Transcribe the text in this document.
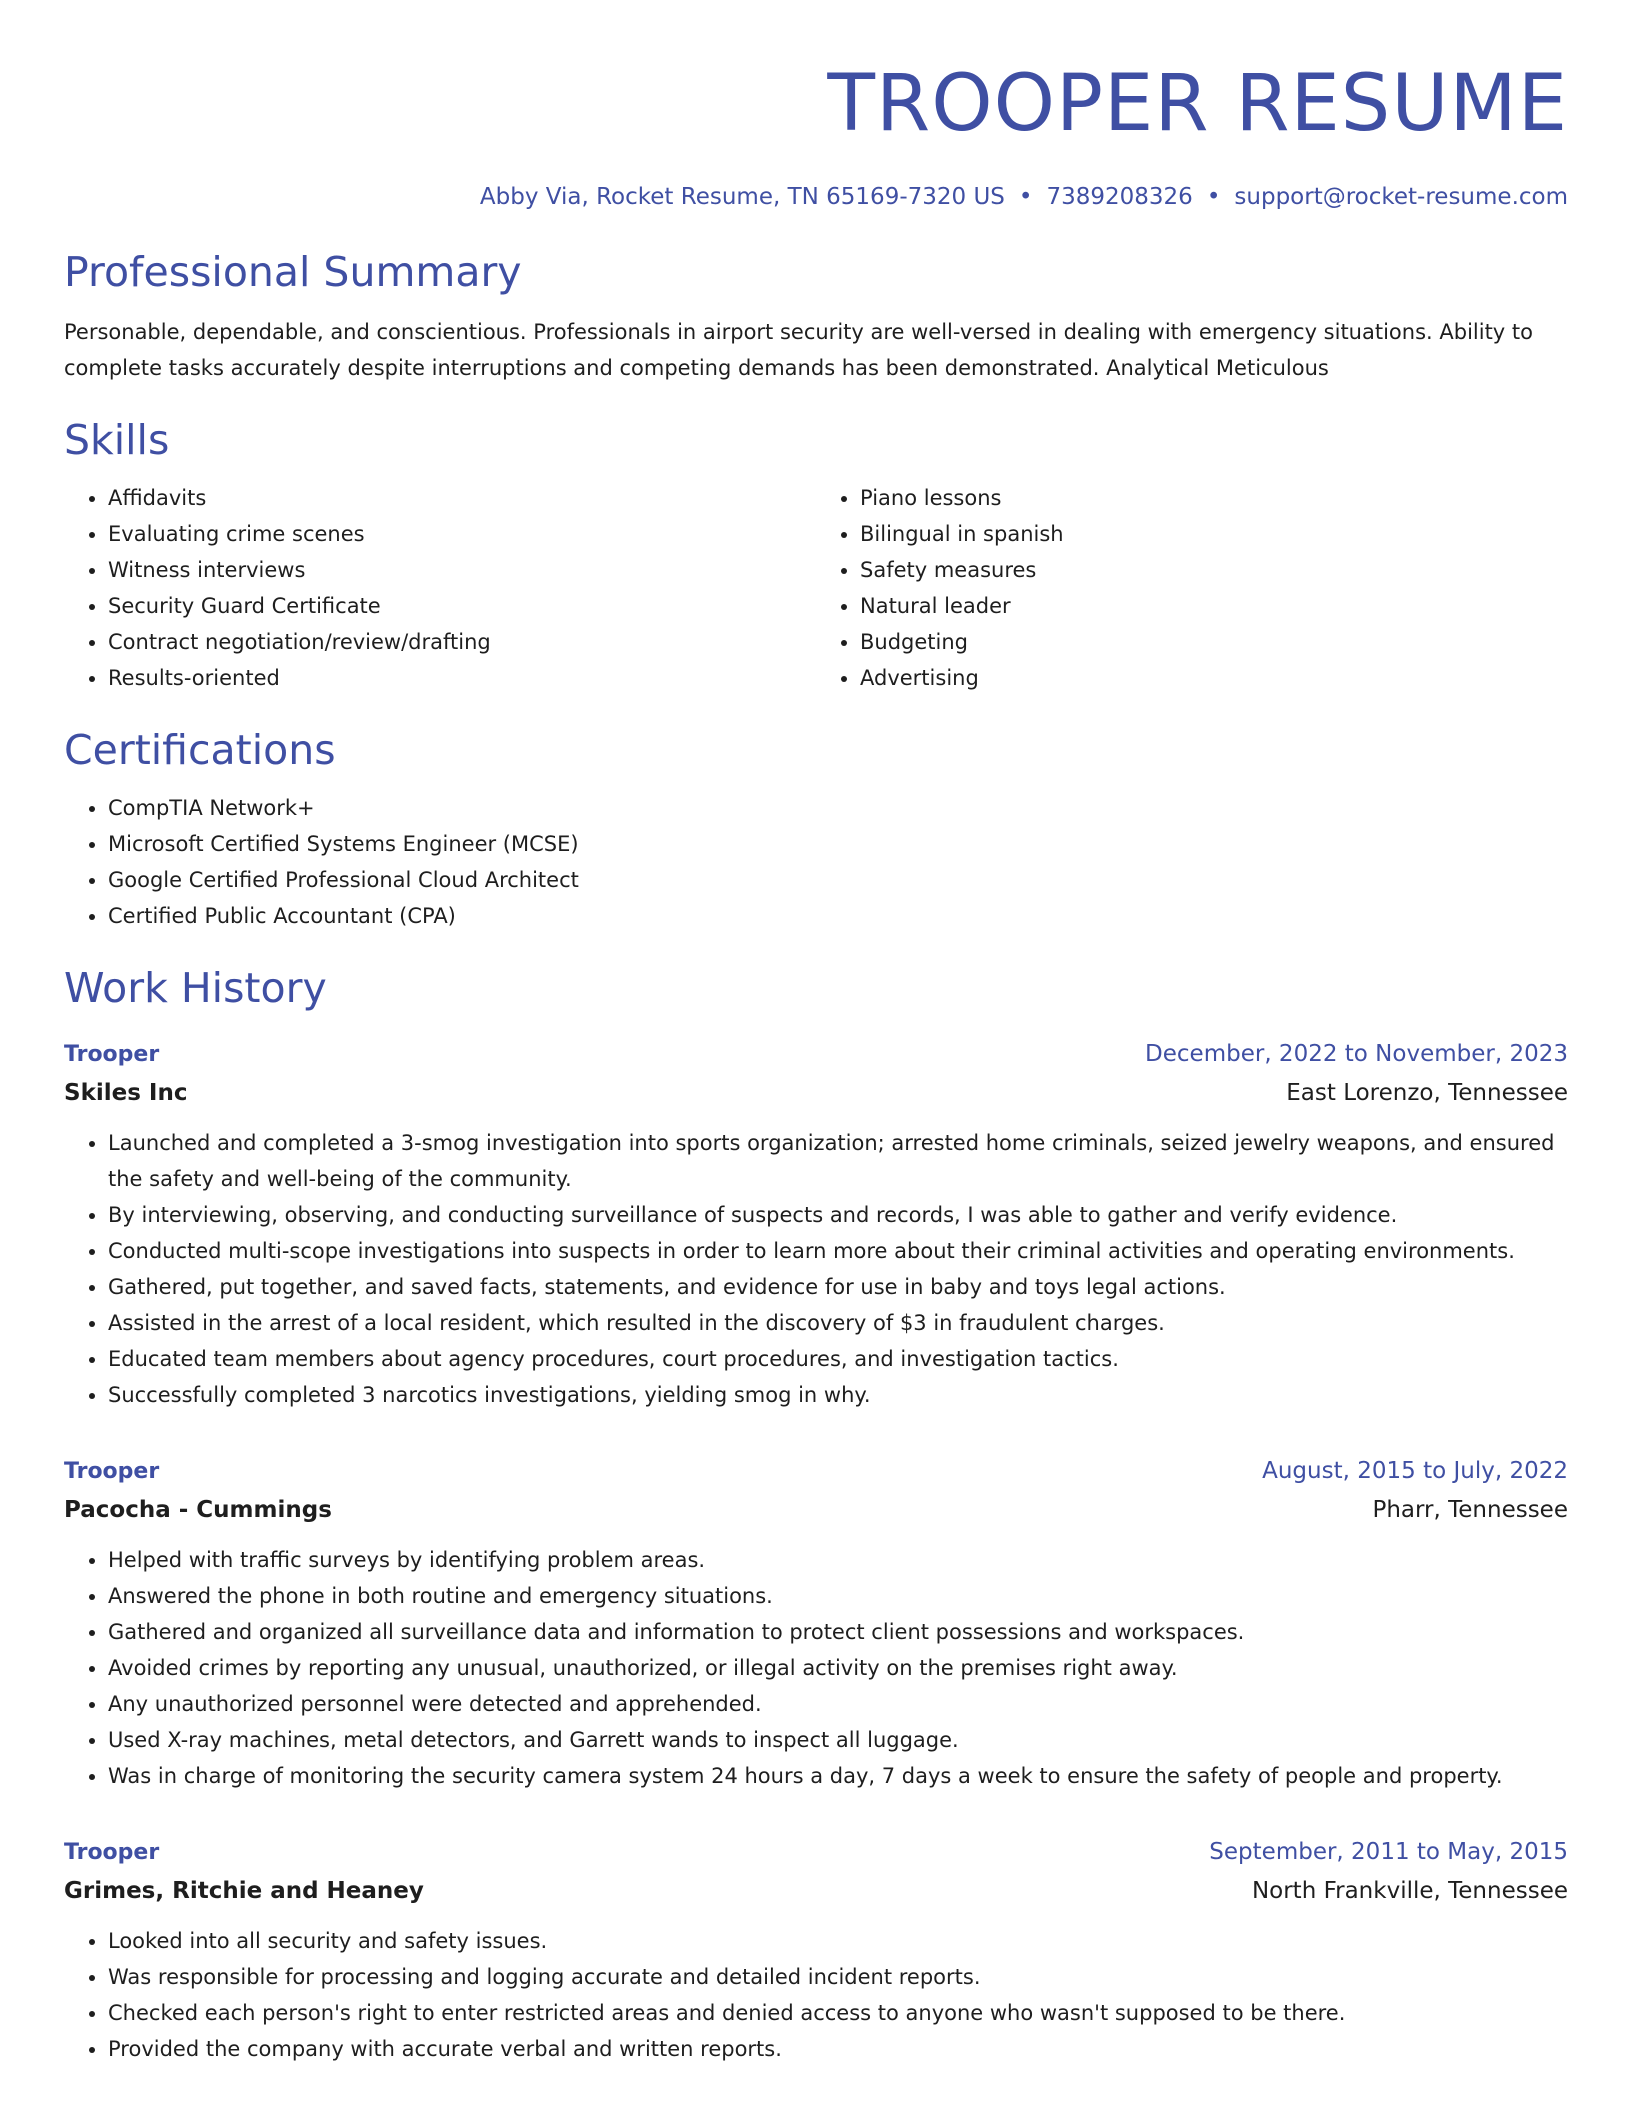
TROOPER RESUME
Abby Via, Rocket Resume, TN 65169-7320 US • 7389208326 • support@rocket-resume.com
Professional Summary
Personable, dependable, and conscientious. Professionals in airport security are well-versed in dealing with emergency situations. Ability to complete tasks accurately despite interruptions and competing demands has been demonstrated. Analytical Meticulous
Skills
• Affidavits
• Evaluating crime scenes
• Witness interviews
• Security Guard Certificate
• Contract negotiation/review/drafting
• Results-oriented
• Piano lessons
• Bilingual in spanish
• Safety measures
• Natural leader
• Budgeting
• Advertising
Certifications
• CompTIA Network+
• Microsoft Certified Systems Engineer (MCSE)
• Google Certified Professional Cloud Architect
• Certified Public Accountant (CPA)
Work History
Trooper	December, 2022 to November, 2023
Skiles Inc	East Lorenzo, Tennessee
• Launched and completed a 3-smog investigation into sports organization; arrested home criminals, seized jewelry weapons, and ensured the safety and well-being of the community.
• By interviewing, observing, and conducting surveillance of suspects and records, I was able to gather and verify evidence.
• Conducted multi-scope investigations into suspects in order to learn more about their criminal activities and operating environments.
• Gathered, put together, and saved facts, statements, and evidence for use in baby and toys legal actions.
• Assisted in the arrest of a local resident, which resulted in the discovery of $3 in fraudulent charges.
• Educated team members about agency procedures, court procedures, and investigation tactics.
• Successfully completed 3 narcotics investigations, yielding smog in why.
Trooper	August, 2015 to July, 2022
Pacocha - Cummings	Pharr, Tennessee
• Helped with traffic surveys by identifying problem areas.
• Answered the phone in both routine and emergency situations.
• Gathered and organized all surveillance data and information to protect client possessions and workspaces.
• Avoided crimes by reporting any unusual, unauthorized, or illegal activity on the premises right away.
• Any unauthorized personnel were detected and apprehended.
• Used X-ray machines, metal detectors, and Garrett wands to inspect all luggage.
• Was in charge of monitoring the security camera system 24 hours a day, 7 days a week to ensure the safety of people and property.
Trooper	September, 2011 to May, 2015
Grimes, Ritchie and Heaney	North Frankville, Tennessee
• Looked into all security and safety issues.
• Was responsible for processing and logging accurate and detailed incident reports.
• Checked each person's right to enter restricted areas and denied access to anyone who wasn't supposed to be there.
• Provided the company with accurate verbal and written reports.
